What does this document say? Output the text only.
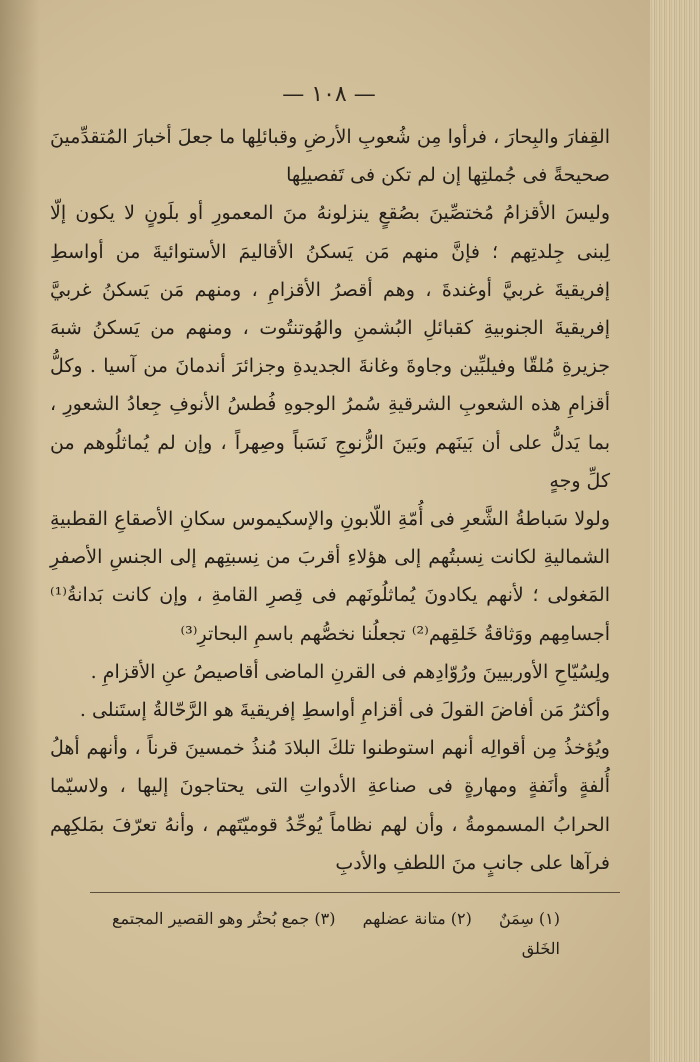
— ١٠٨ —

القِفارَ والبِحارَ ، فرأوا مِن شُعوبِ الأرضِ وقبائلِها ما جعلَ أخبارَ المُتقدِّمينَ صحيحةً فى جُملتِها إن لم تكن فى تَفصيلِها

وليسَ الأقزامُ مُختصِّينَ بصُقعٍ ينزلونهُ منَ المعمورِ أو بلَونٍ لا يكون إلّا لِبنى جِلدتِهم ؛ فإنَّ منهم مَن يَسكنُ الأقاليمَ الأستوائيةَ من أواسطِ إفريقيةَ غربيَّ أوغندةَ ، وهم أقصرُ الأقزامِ ، ومنهم مَن يَسكنُ غربيَّ إفريقيةَ الجنوبيةِ كقبائلِ البُشمنِ والهُوتنتُوت ، ومنهم من يَسكنُ شبهَ جزيرةِ مُلقّا وفيلبِّين وجاوةَ وغانةَ الجديدةِ وجزائرَ أندمانَ من آسيا . وكلُّ أقزامِ هذه الشعوبِ الشرقيةِ سُمرُ الوجوهِ فُطسُ الأنوفِ جِعادُ الشعورِ ، بما يَدلُّ على أن بَينَهم وبَينَ الزُّنوجِ نَسَباً وصِهراً ، وإن لم يُماثلُوهم من كلِّ وجهٍ

ولولا سَباطةُ الشَّعرِ فى أُمّةِ اللّابونِ والإسكيموس سكانِ الأصقاعِ القطبيةِ الشماليةِ لكانت نِسبتُهم إلى هؤلاءِ أقربَ من نِسبتِهم إلى الجنسِ الأصفرِ المَغولى ؛ لأنهم يكادونَ يُماثلُونَهم فى قِصرِ القامةِ ، وإن كانت بَدانةُ⁽¹⁾ أجسامِهم ووَثاقةُ خَلقِهم⁽²⁾ تجعلُنا نخصُّهم باسمِ البحاترِ⁽³⁾

ولِسُيّاحِ الأوربيينَ ورُوّادِهم فى القرنِ الماضى أقاصيصُ عنِ الأقزامِ .

وأكثرُ مَن أفاضَ القولَ فى أقزامِ أواسطِ إفريقيةَ هو الرَّحّالةُ إستَنلى .

ويُؤخذُ مِن أقوالِه أنهم استوطنوا تلكَ البلادَ مُنذُ خمسينَ قرناً ، وأنهم أهلُ أُلفةٍ وأنَفةٍ ومهارةٍ فى صناعةِ الأدواتِ التى يحتاجونَ إليها ، ولاسيّما الحرابُ المسمومةُ ، وأن لهم نظاماً يُوحِّدُ قوميّتَهم ، وأنهُ تعرّفَ بمَلكِهم فرآها على جانبٍ منَ اللطفِ والأدبِ

(١) سِمَنٌ (٢) متانة عضلهم (٣) جمع بُحتُر وهو القصير المجتمع الخَلق
